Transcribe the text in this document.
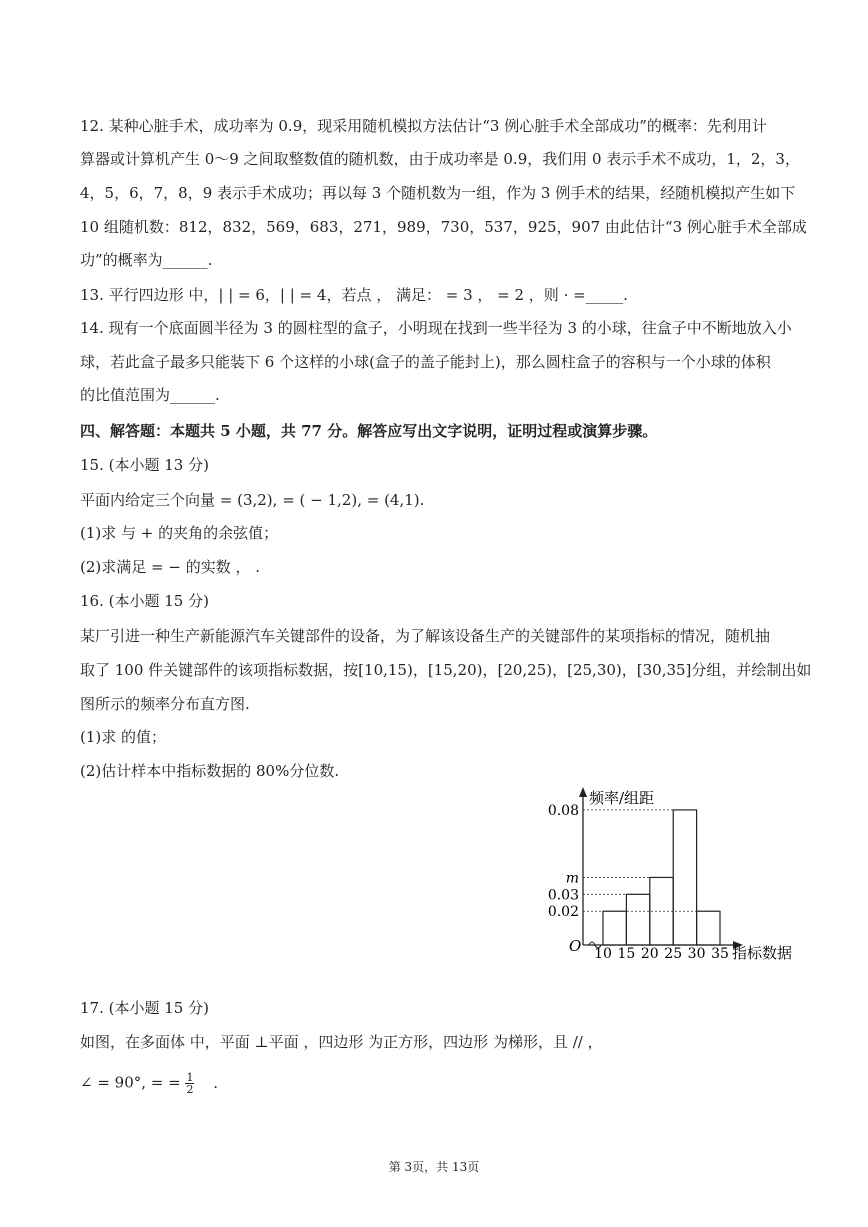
12. 某种心脏手术，成功率为 0.9，现采用随机模拟方法估计“3 例心脏手术全部成功”的概率：先利用计
算器或计算机产生 0～9 之间取整数值的随机数，由于成功率是 0.9，我们用 0 表示手术不成功，1，2，3，
4，5，6，7，8，9 表示手术成功；再以每 3 个随机数为一组，作为 3 例手术的结果，经随机模拟产生如下
10 组随机数：812，832，569，683，271，989，730，537，925，907 由此估计“3 例心脏手术全部成
功”的概率为______.
13. 平行四边形 中，| | = 6，| | = 4，若点 ， 满足： = 3 ， = 2 ，则 · =_____.
14. 现有一个底面圆半径为 3 的圆柱型的盒子，小明现在找到一些半径为 3 的小球，往盒子中不断地放入小
球，若此盒子最多只能装下 6 个这样的小球(盒子的盖子能封上)，那么圆柱盒子的容积与一个小球的体积
的比值范围为______.
四、解答题：本题共 5 小题，共 77 分。解答应写出文字说明，证明过程或演算步骤。
15. (本小题 13 分)
平面内给定三个向量 = (3,2), = ( − 1,2), = (4,1).
(1)求 与 + 的夹角的余弦值；
(2)求满足 = − 的实数 ， .
16. (本小题 15 分)
某厂引进一种生产新能源汽车关键部件的设备，为了解该设备生产的关键部件的某项指标的情况，随机抽
取了 100 件关键部件的该项指标数据，按[10,15)，[15,20)，[20,25)，[25,30)，[30,35]分组，并绘制出如
图所示的频率分布直方图.
(1)求 的值；
(2)估计样本中指标数据的 80%分位数.
频率/组距
指标数据
O
0.02
0.03
m
0.08
10 15 20 25 30 35
17. (本小题 15 分)
如图，在多面体 中，平面 ⊥平面 ，四边形 为正方形，四边形 为梯形，且 // ，
∠ = 90°, = = $\frac{1}{2}$ .
第 3页，共 13页
